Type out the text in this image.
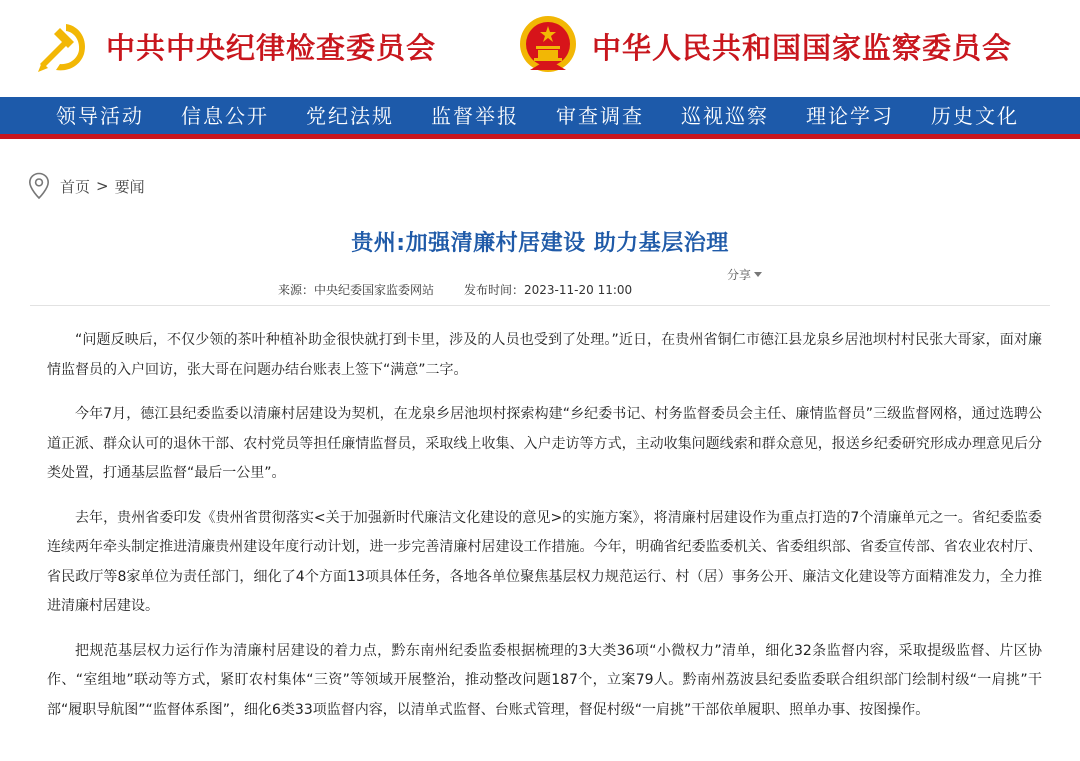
中共中央纪律检查委员会	中华人民共和国国家监察委员会
领导活动 信息公开 党纪法规 监督举报 审查调查 巡视巡察 理论学习 历史文化
首页 > 要闻
贵州:加强清廉村居建设 助力基层治理
分享
来源：中央纪委国家监委网站	发布时间：2023-11-20 11:00

“问题反映后，不仅少领的茶叶种植补助金很快就打到卡里，涉及的人员也受到了处理。”近日，在贵州省铜仁市德江县龙泉乡居池坝村村民张大哥家，面对廉情监督员的入户回访，张大哥在问题办结台账表上签下“满意”二字。

今年7月，德江县纪委监委以清廉村居建设为契机，在龙泉乡居池坝村探索构建“乡纪委书记、村务监督委员会主任、廉情监督员”三级监督网格，通过选聘公道正派、群众认可的退休干部、农村党员等担任廉情监督员，采取线上收集、入户走访等方式，主动收集问题线索和群众意见，报送乡纪委研究形成办理意见后分类处置，打通基层监督“最后一公里”。

去年，贵州省委印发《贵州省贯彻落实<关于加强新时代廉洁文化建设的意见>的实施方案》，将清廉村居建设作为重点打造的7个清廉单元之一。省纪委监委连续两年牵头制定推进清廉贵州建设年度行动计划，进一步完善清廉村居建设工作措施。今年，明确省纪委监委机关、省委组织部、省委宣传部、省农业农村厅、省民政厅等8家单位为责任部门，细化了4个方面13项具体任务，各地各单位聚焦基层权力规范运行、村（居）事务公开、廉洁文化建设等方面精准发力，全力推进清廉村居建设。

把规范基层权力运行作为清廉村居建设的着力点，黔东南州纪委监委根据梳理的3大类36项“小微权力”清单，细化32条监督内容，采取提级监督、片区协作、“室组地”联动等方式，紧盯农村集体“三资”等领域开展整治，推动整改问题187个，立案79人。黔南州荔波县纪委监委联合组织部门绘制村级“一肩挑”干部“履职导航图”“监督体系图”，细化6类33项监督内容，以清单式监督、台账式管理，督促村级“一肩挑”干部依单履职、照单办事、按图操作。
